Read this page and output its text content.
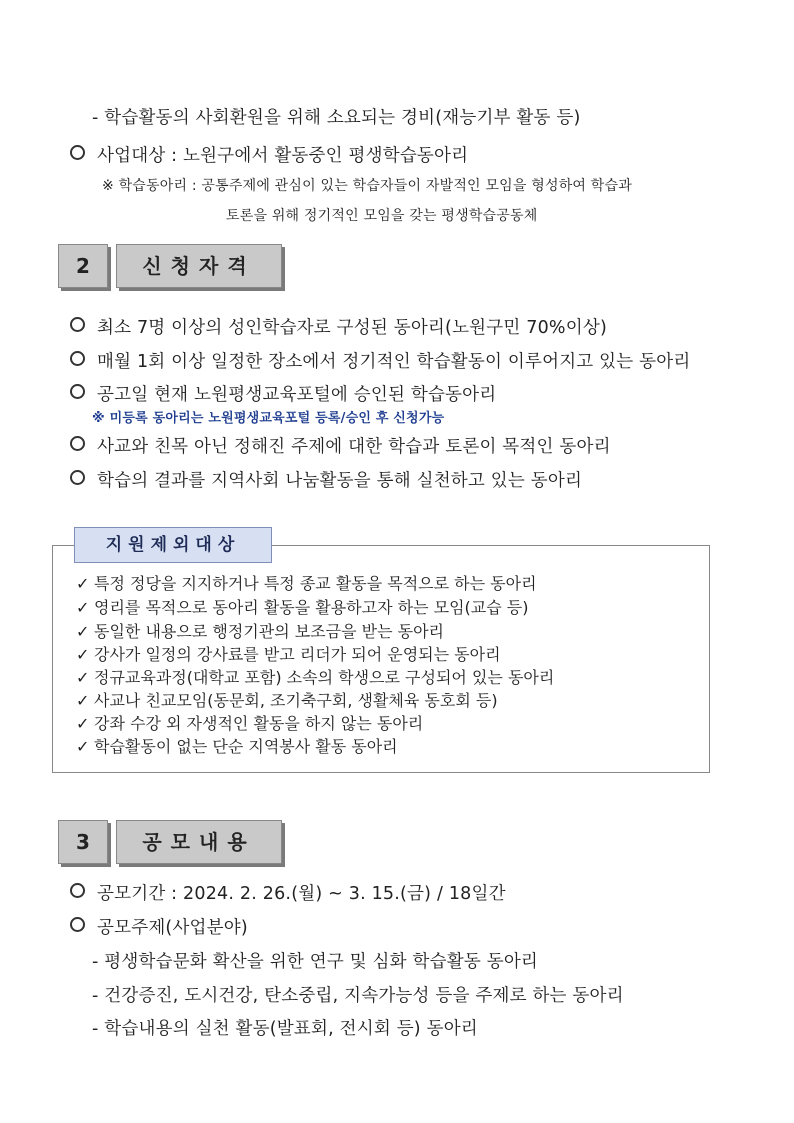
- 학습활동의 사회환원을 위해 소요되는 경비(재능기부 활동 등)
사업대상 : 노원구에서 활동중인 평생학습동아리
※ 학습동아리 : 공통주제에 관심이 있는 학습자들이 자발적인 모임을 형성하여 학습과
토론을 위해 정기적인 모임을 갖는 평생학습공동체
2	신청자격
최소 7명 이상의 성인학습자로 구성된 동아리(노원구민 70%이상)
매월 1회 이상 일정한 장소에서 정기적인 학습활동이 이루어지고 있는 동아리
공고일 현재 노원평생교육포털에 승인된 학습동아리
※ 미등록 동아리는 노원평생교육포털 등록/승인 후 신청가능
사교와 친목 아닌 정해진 주제에 대한 학습과 토론이 목적인 동아리
학습의 결과를 지역사회 나눔활동을 통해 실천하고 있는 동아리
지원제외대상
✓ 특정 정당을 지지하거나 특정 종교 활동을 목적으로 하는 동아리
✓ 영리를 목적으로 동아리 활동을 활용하고자 하는 모임(교습 등)
✓ 동일한 내용으로 행정기관의 보조금을 받는 동아리
✓ 강사가 일정의 강사료를 받고 리더가 되어 운영되는 동아리
✓ 정규교육과정(대학교 포함) 소속의 학생으로 구성되어 있는 동아리
✓ 사교나 친교모임(동문회, 조기축구회, 생활체육 동호회 등)
✓ 강좌 수강 외 자생적인 활동을 하지 않는 동아리
✓ 학습활동이 없는 단순 지역봉사 활동 동아리
3	공모내용
공모기간 : 2024. 2. 26.(월) ~ 3. 15.(금) / 18일간
공모주제(사업분야)
- 평생학습문화 확산을 위한 연구 및 심화 학습활동 동아리
- 건강증진, 도시건강, 탄소중립, 지속가능성 등을 주제로 하는 동아리
- 학습내용의 실천 활동(발표회, 전시회 등) 동아리
